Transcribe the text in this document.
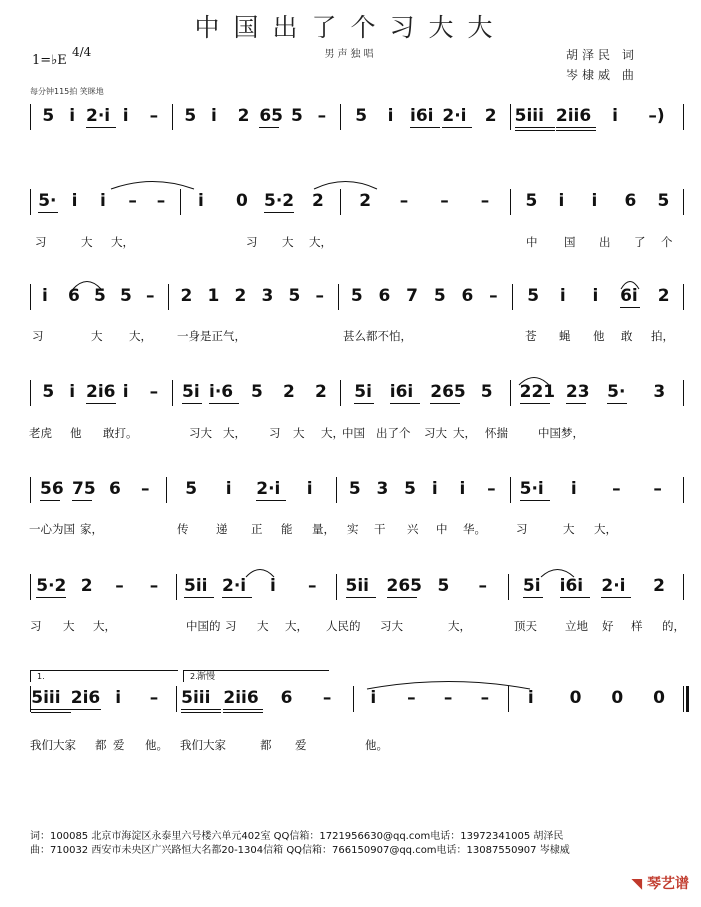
中国出了个习大大
男声独唱	胡泽民 词
岑棣威 曲
1=♭E
4/4
每分钟115拍 笑眯地
5 i 2·i i – 5 i 2 65 5 – 5 i i6i 2·i 2 5iii 2ii6 i –)
5· i i – – i 0 5·2 2 2 – – – 5 i i 6 5
习	大 大，	习 大 大，	中 国 出 了 个
i 6 5 5 – 2 1 2 3 5 – 5 6 7 5 6 – 5 i i 6i 2
习	大 大， 一身是正气，	甚么都不怕，	苍 蝇 他 敢 拍，
5 i 2i6 i – 5i i·6 5 2 2 5i i6i 265 5 221 23 5· 3
老虎 他 敢打。	习大 大， 习 大 大，
中国 出了个 习大 大， 怀揣	中国梦，
56 75 6 – 5 i 2·i i 5 3 5 i i – 5·i i – –
一心为国 家，	传 递 正 能 量， 实 干 兴 中 华。	习	大 大，
5·2 2 – – 5ii 2·i i – 5ii 265 5 – 5i i6i 2·i 2
习 大 大，	中国的 习 大 大， 人民的 习大	大，	顶天 立地 好 样 的，
5iii 2i6 i – 5iii 2ii6 6 – i – – – i 0 0 0
我们大家 都 爱 他。 我们大家	都 爱	他。
渐慢
1.	2.
词：100085 北京市海淀区永泰里六号楼六单元402室 QQ信箱：1721956630@qq.com电话：13972341005 胡泽民
曲：710032 西安市未央区广兴路恒大名都20-1304信箱 QQ信箱：766150907@qq.com电话：13087550907 岑棣威
◥ 琴艺谱
